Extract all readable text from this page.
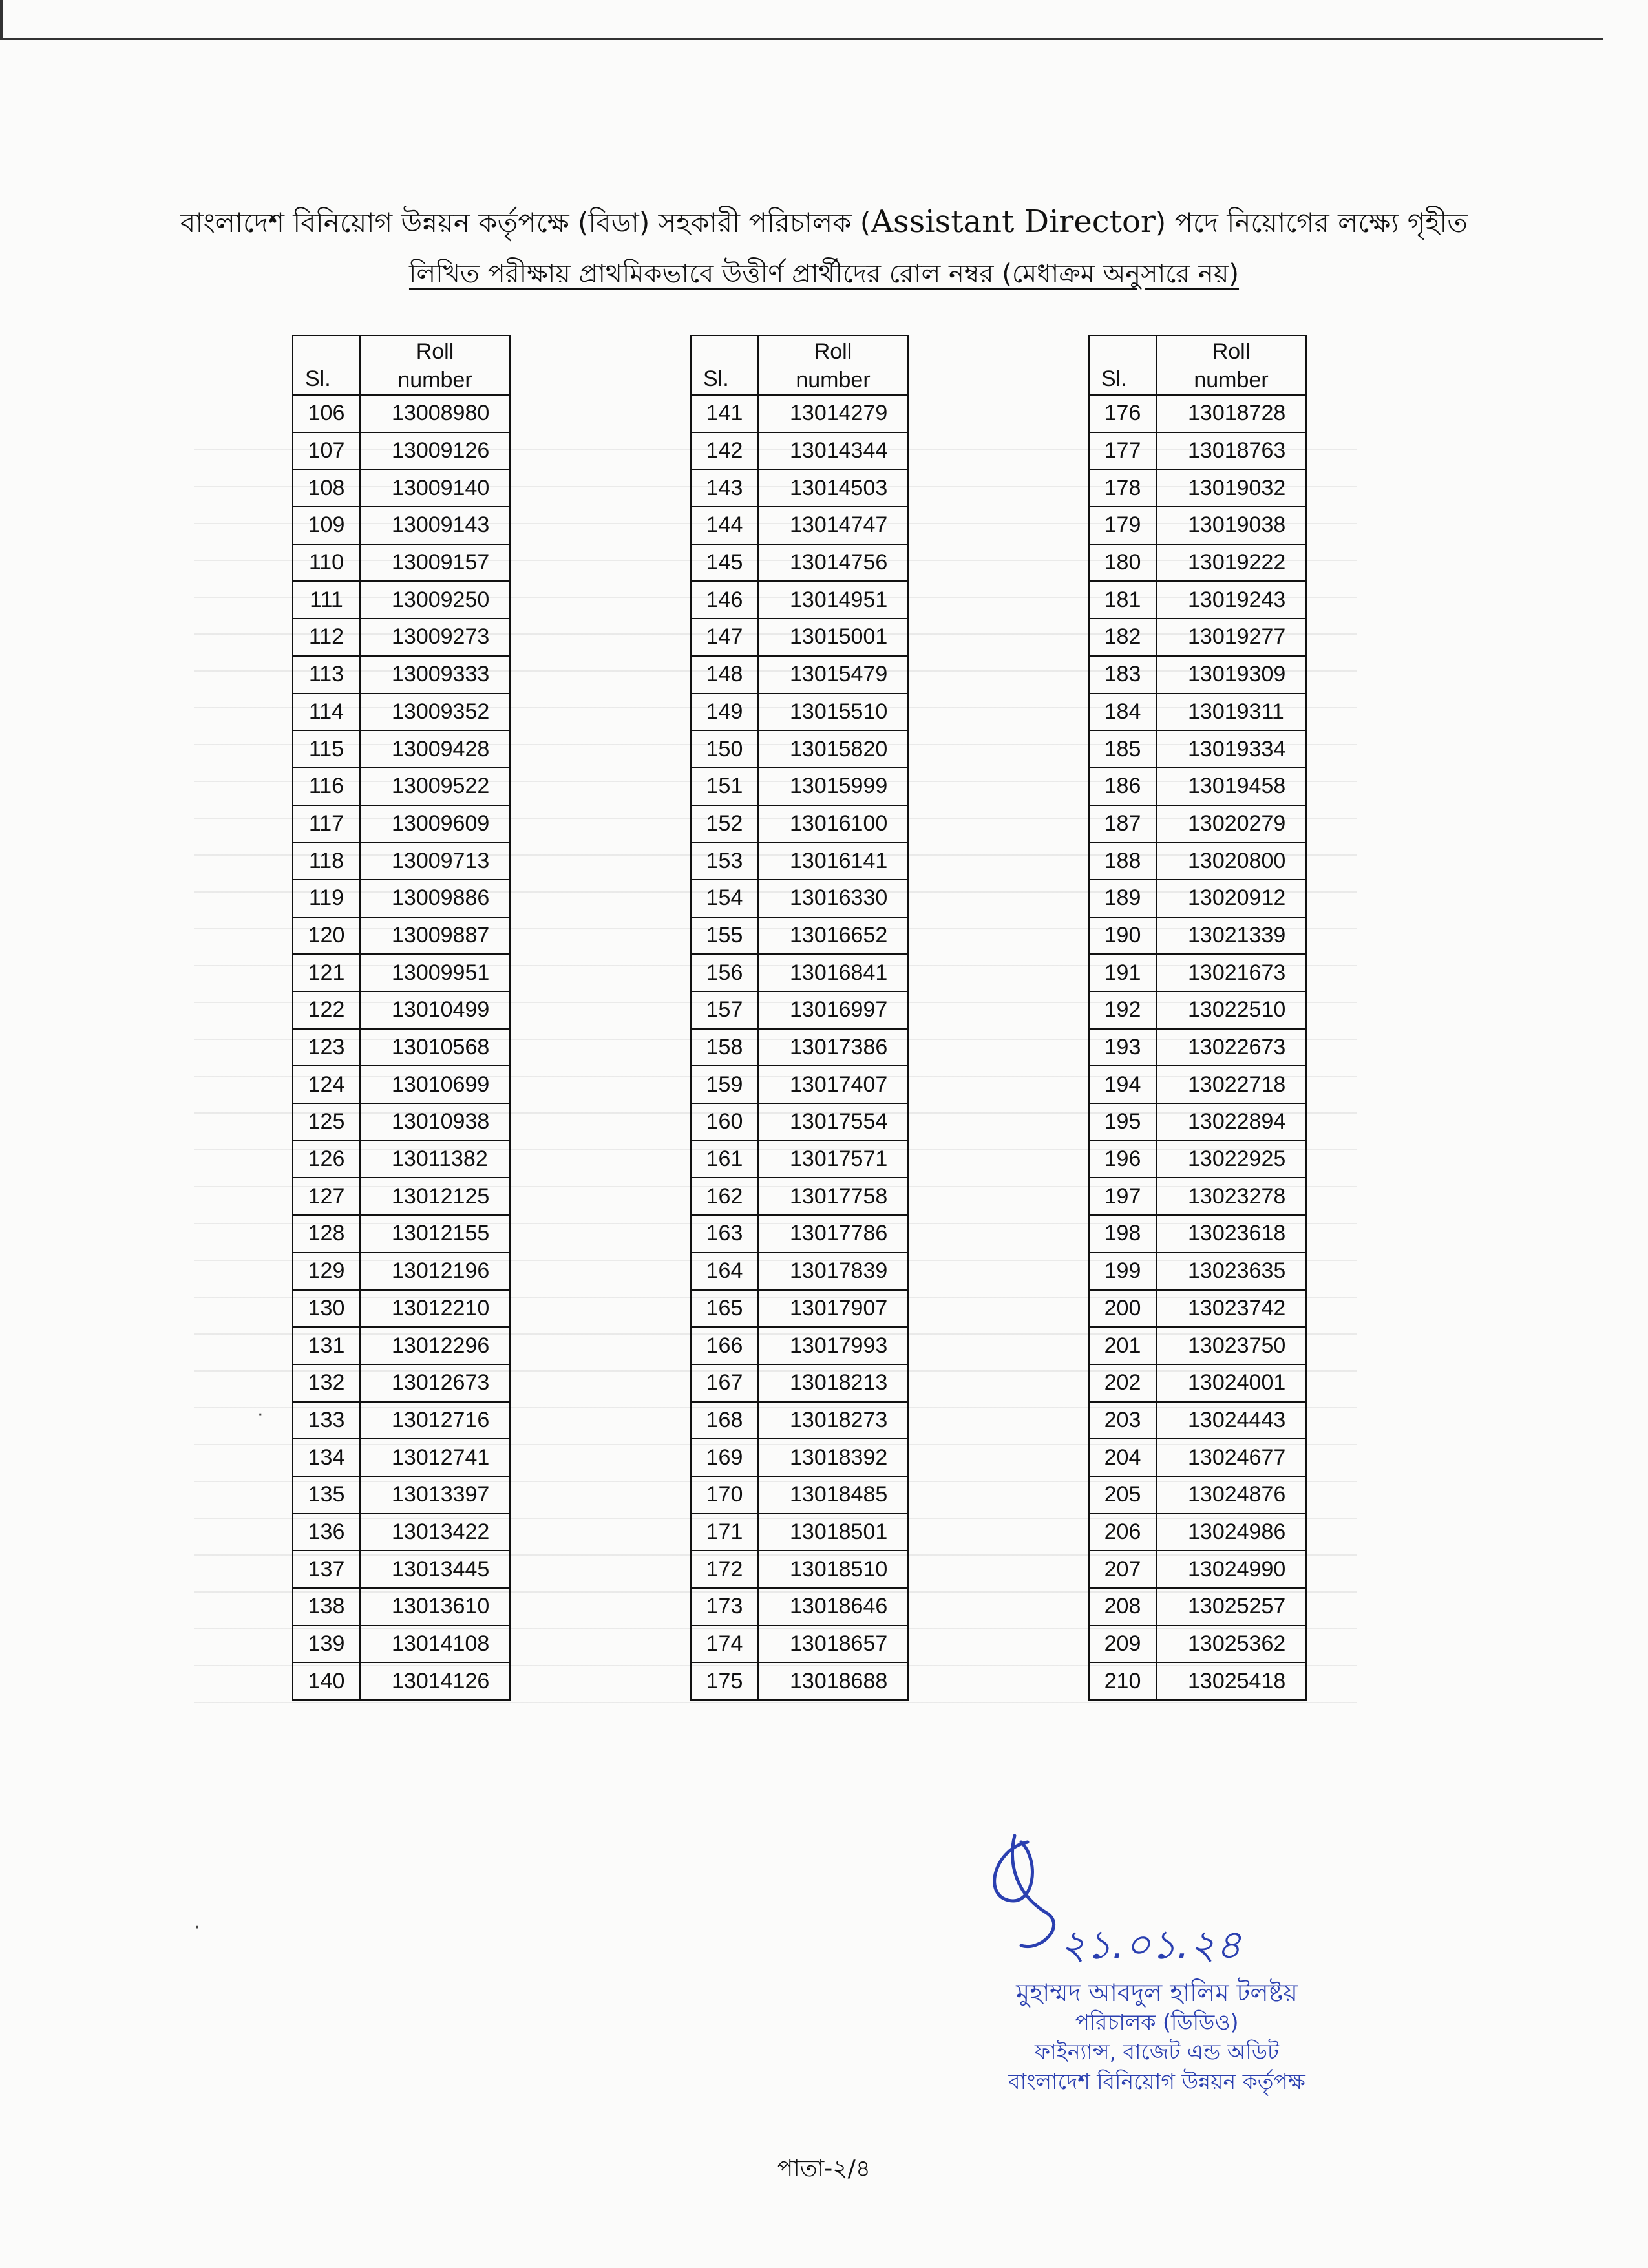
বাংলাদেশ বিনিয়োগ উন্নয়ন কর্তৃপক্ষে (বিডা) সহকারী পরিচালক (Assistant Director) পদে নিয়োগের লক্ষ্যে গৃহীত
লিখিত পরীক্ষায় প্রাথমিকভাবে উত্তীর্ণ প্রার্থীদের রোল নম্বর (মেধাক্রম অনুসারে নয়)
Sl.	Roll
number
106	13008980
107	13009126
108	13009140
109	13009143
110	13009157
111	13009250
112	13009273
113	13009333
114	13009352
115	13009428
116	13009522
117	13009609
118	13009713
119	13009886
120	13009887
121	13009951
122	13010499
123	13010568
124	13010699
125	13010938
126	13011382
127	13012125
128	13012155
129	13012196
130	13012210
131	13012296
132	13012673
133	13012716
134	13012741
135	13013397
136	13013422
137	13013445
138	13013610
139	13014108
140	13014126
Sl.	Roll
number
141	13014279
142	13014344
143	13014503
144	13014747
145	13014756
146	13014951
147	13015001
148	13015479
149	13015510
150	13015820
151	13015999
152	13016100
153	13016141
154	13016330
155	13016652
156	13016841
157	13016997
158	13017386
159	13017407
160	13017554
161	13017571
162	13017758
163	13017786
164	13017839
165	13017907
166	13017993
167	13018213
168	13018273
169	13018392
170	13018485
171	13018501
172	13018510
173	13018646
174	13018657
175	13018688
Sl.	Roll
number
176	13018728
177	13018763
178	13019032
179	13019038
180	13019222
181	13019243
182	13019277
183	13019309
184	13019311
185	13019334
186	13019458
187	13020279
188	13020800
189	13020912
190	13021339
191	13021673
192	13022510
193	13022673
194	13022718
195	13022894
196	13022925
197	13023278
198	13023618
199	13023635
200	13023742
201	13023750
202	13024001
203	13024443
204	13024677
205	13024876
206	13024986
207	13024990
208	13025257
209	13025362
210	13025418
২১.০১.২৪
মুহাম্মদ আবদুল হালিম টলষ্টয়
পরিচালক (ডিডিও)
ফাইন্যান্স, বাজেট এন্ড অডিট
বাংলাদেশ বিনিয়োগ উন্নয়ন কর্তৃপক্ষ
পাতা-২/৪
·
·
